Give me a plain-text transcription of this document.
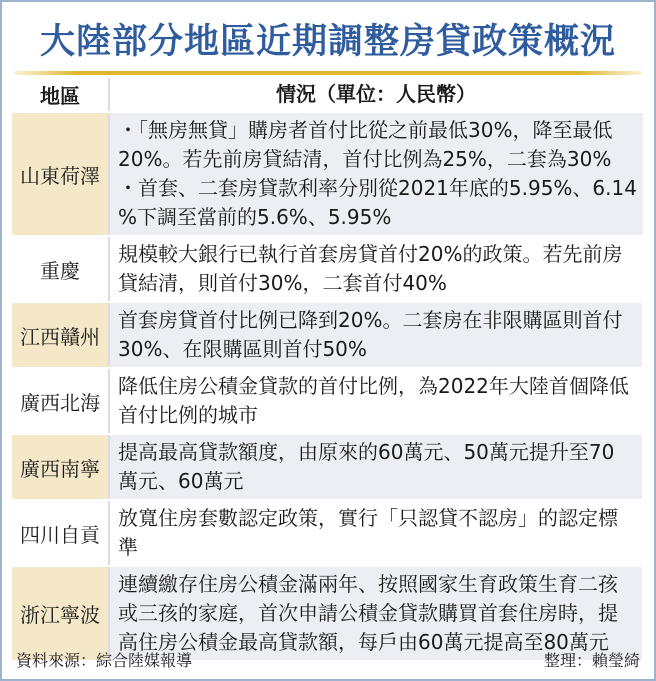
大陸部分地區近期調整房貸政策概況
地區	情況（單位：人民幣）
山東荷澤
・「無房無貸」購房者首付比從之前最低30%，降至最低
20%。若先前房貸結清，首付比例為25%，二套為30%
・首套、二套房貸款利率分別從2021年底的5.95%、6.14
%下調至當前的5.6%、5.95%
重慶
規模較大銀行已執行首套房貸首付20%的政策。若先前房
貸結清，則首付30%，二套首付40%
江西贛州
首套房貸首付比例已降到20%。二套房在非限購區則首付
30%、在限購區則首付50%
廣西北海
降低住房公積金貸款的首付比例，為2022年大陸首個降低
首付比例的城市
廣西南寧
提高最高貸款額度，由原來的60萬元、50萬元提升至70
萬元、60萬元
四川自貢
放寬住房套數認定政策，實行「只認貸不認房」的認定標
準
浙江寧波
連續繳存住房公積金滿兩年、按照國家生育政策生育二孩
或三孩的家庭，首次申請公積金貸款購買首套住房時，提
高住房公積金最高貸款額，每戶由60萬元提高至80萬元
資料來源：綜合陸媒報導	整理：賴瑩綺
